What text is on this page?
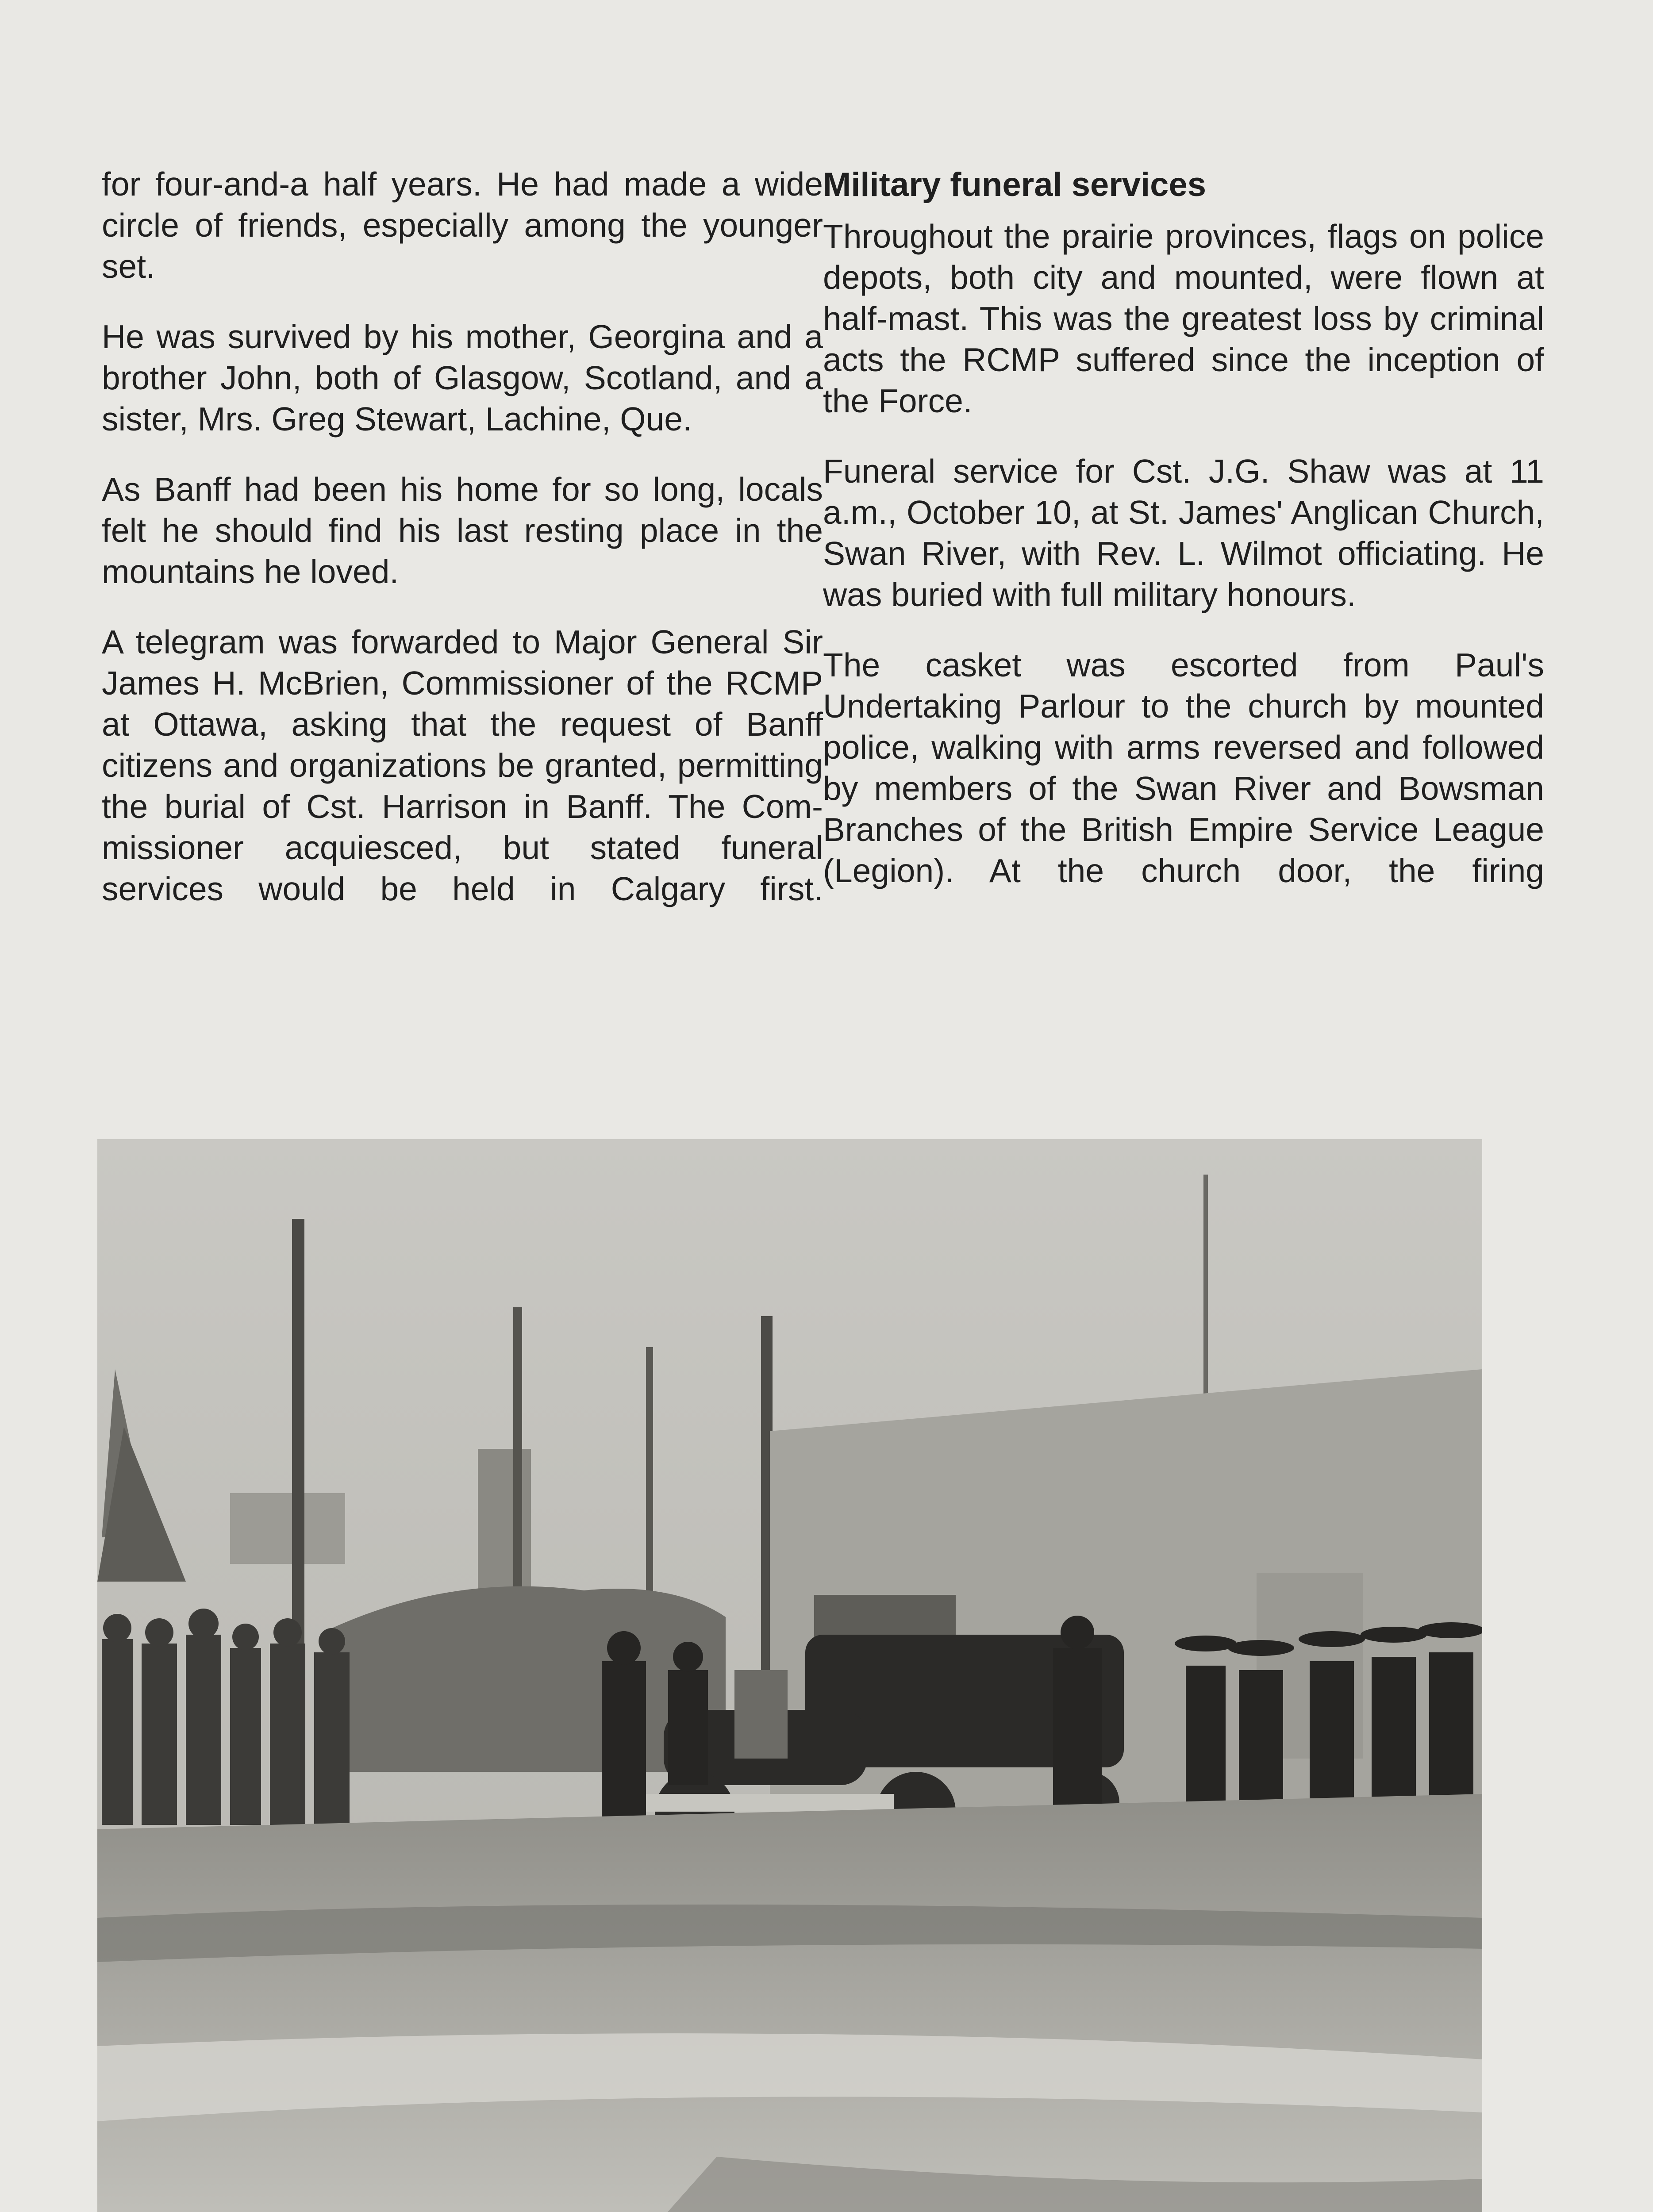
for four-and-a half years. He had made a wide circle of friends, especially among the younger set.

He was survived by his mother, Georgina and a brother John, both of Glasgow, Scotland, and a sister, Mrs. Greg Stewart, Lachine, Que.

As Banff had been his home for so long, locals felt he should find his last resting place in the mountains he loved.

A telegram was forwarded to Major General Sir James H. McBrien, Commissioner of the RCMP at Ottawa, asking that the request of Banff citizens and organizations be granted, permitting the burial of Cst. Harrison in Banff. The Commissioner acquiesced, but stated funeral services would be held in Calgary first.

Military funeral services

Throughout the prairie provinces, flags on police depots, both city and mounted, were flown at half-mast. This was the greatest loss by criminal acts the RCMP suffered since the inception of the Force.

Funeral service for Cst. J.G. Shaw was at 11 a.m., October 10, at St. James' Anglican Church, Swan River, with Rev. L. Wilmot officiating. He was buried with full military honours.

The casket was escorted from Paul's Undertaking Parlour to the church by mounted police, walking with arms reversed and followed by members of the Swan River and Bowsman Branches of the British Empire Service League (Legion). At the church door, the firing
